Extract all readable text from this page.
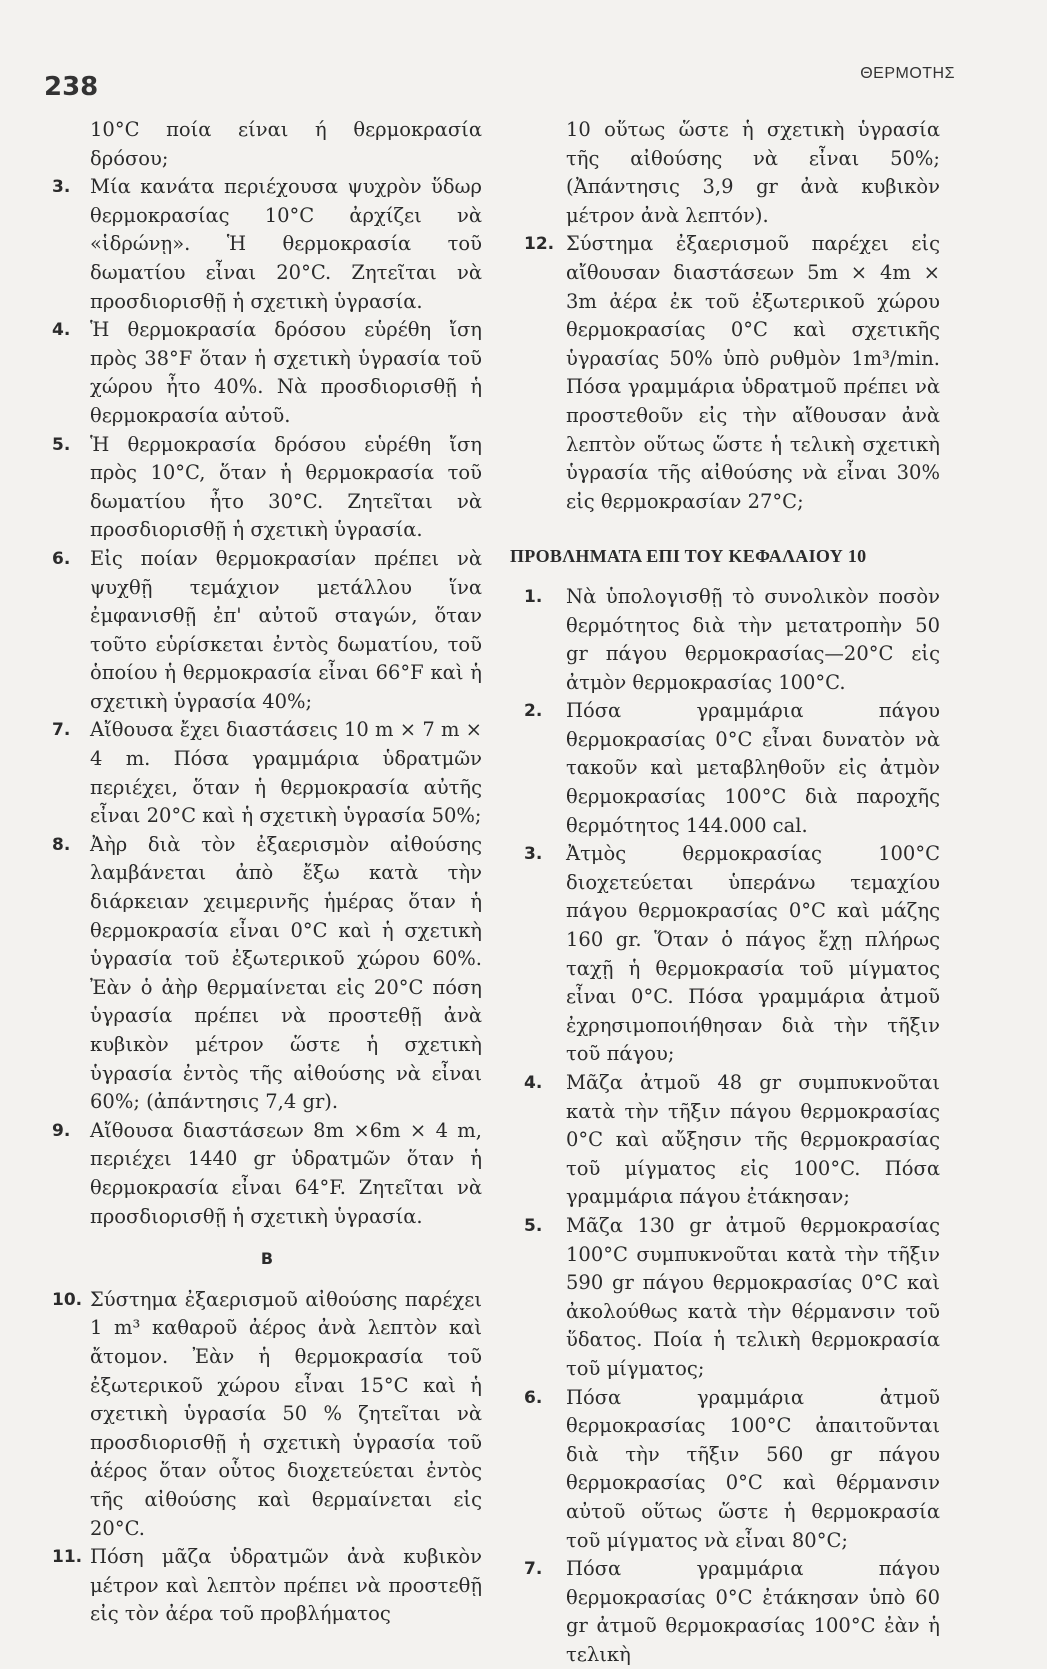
238	ΘΕΡΜΟΤΗΣ
10°C ποία είναι ή θερμοκρασία δρόσου;
3. Μία κανάτα περιέχουσα ψυχρὸν ὕδωρ θερμοκρασίας 10°C ἀρχίζει νὰ «ἱδρώνῃ». Ἡ θερμοκρασία τοῦ δωματίου εἶναι 20°C. Ζητεῖται νὰ προσδιορισθῇ ἡ σχετικὴ ὑγρασία.
4. Ἡ θερμοκρασία δρόσου εὑρέθη ἴση πρὸς 38°F ὅταν ἡ σχετικὴ ὑγρασία τοῦ χώρου ἦτο 40%. Νὰ προσδιορισθῇ ἡ θερμοκρασία αὐτοῦ.
5. Ἡ θερμοκρασία δρόσου εὑρέθη ἴση πρὸς 10°C, ὅταν ἡ θερμοκρασία τοῦ δωματίου ἦτο 30°C. Ζητεῖται νὰ προσδιορισθῇ ἡ σχετικὴ ὑγρασία.
6. Εἰς ποίαν θερμοκρασίαν πρέπει νὰ ψυχθῇ τεμάχιον μετάλλου ἵνα ἐμφανισθῇ ἐπ' αὐτοῦ σταγών, ὅταν τοῦτο εὑρίσκεται ἐντὸς δωματίου, τοῦ ὁποίου ἡ θερμοκρασία εἶναι 66°F καὶ ἡ σχετικὴ ὑγρασία 40%;
7. Αἴθουσα ἔχει διαστάσεις 10 m × 7 m × 4 m. Πόσα γραμμάρια ὑδρατμῶν περιέχει, ὅταν ἡ θερμοκρασία αὐτῆς εἶναι 20°C καὶ ἡ σχετικὴ ὑγρασία 50%;
8. Ἀὴρ διὰ τὸν ἐξαερισμὸν αἰθούσης λαμβάνεται ἀπὸ ἔξω κατὰ τὴν διάρκειαν χειμερινῆς ἡμέρας ὅταν ἡ θερμοκρασία εἶναι 0°C καὶ ἡ σχετικὴ ὑγρασία τοῦ ἐξωτερικοῦ χώρου 60%. Ἐὰν ὁ ἀὴρ θερμαίνεται εἰς 20°C πόση ὑγρασία πρέπει νὰ προστεθῇ ἀνὰ κυβικὸν μέτρον ὥστε ἡ σχετικὴ ὑγρασία ἐντὸς τῆς αἰθούσης νὰ εἶναι 60%; (ἀπάντησις 7,4 gr).
9. Αἴθουσα διαστάσεων 8m ×6m × 4 m, περιέχει 1440 gr ὑδρατμῶν ὅταν ἡ θερμοκρασία εἶναι 64°F. Ζητεῖται νὰ προσδιορισθῇ ἡ σχετικὴ ὑγρασία.
Β
10. Σύστημα ἐξαερισμοῦ αἰθούσης παρέχει 1 m³ καθαροῦ ἀέρος ἀνὰ λεπτὸν καὶ ἄτομον. Ἐὰν ἡ θερμοκρασία τοῦ ἐξωτερικοῦ χώρου εἶναι 15°C καὶ ἡ σχετικὴ ὑγρασία 50 % ζητεῖται νὰ προσδιορισθῇ ἡ σχετικὴ ὑγρασία τοῦ ἀέρος ὅταν οὗτος διοχετεύεται ἐντὸς τῆς αἰθούσης καὶ θερμαίνεται εἰς 20°C.
11. Πόση μᾶζα ὑδρατμῶν ἀνὰ κυβικὸν μέτρον καὶ λεπτὸν πρέπει νὰ προστεθῇ εἰς τὸν ἀέρα τοῦ προβλήματος
10 οὕτως ὥστε ἡ σχετικὴ ὑγρασία τῆς αἰθούσης νὰ εἶναι 50%; (Ἀπάντησις 3,9 gr ἀνὰ κυβικὸν μέτρον ἀνὰ λεπτόν).
12. Σύστημα ἐξαερισμοῦ παρέχει εἰς αἴθουσαν διαστάσεων 5m × 4m × 3m ἀέρα ἐκ τοῦ ἐξωτερικοῦ χώρου θερμοκρασίας 0°C καὶ σχετικῆς ὑγρασίας 50% ὑπὸ ρυθμὸν 1m³/min. Πόσα γραμμάρια ὑδρατμοῦ πρέπει νὰ προστεθοῦν εἰς τὴν αἴθουσαν ἀνὰ λεπτὸν οὕτως ὥστε ἡ τελικὴ σχετικὴ ὑγρασία τῆς αἰθούσης νὰ εἶναι 30% εἰς θερμοκρασίαν 27°C;
ΠΡΟΒΛΗΜΑΤΑ ΕΠΙ ΤΟΥ ΚΕΦΑΛΑΙΟΥ 10
1. Νὰ ὑπολογισθῇ τὸ συνολικὸν ποσὸν θερμότητος διὰ τὴν μετατροπὴν 50 gr πάγου θερμοκρασίας—20°C εἰς ἀτμὸν θερμοκρασίας 100°C.
2. Πόσα γραμμάρια πάγου θερμοκρασίας 0°C εἶναι δυνατὸν νὰ τακοῦν καὶ μεταβληθοῦν εἰς ἀτμὸν θερμοκρασίας 100°C διὰ παροχῆς θερμότητος 144.000 cal.
3. Ἀτμὸς θερμοκρασίας 100°C διοχετεύεται ὑπεράνω τεμαχίου πάγου θερμοκρασίας 0°C καὶ μάζης 160 gr. Ὅταν ὁ πάγος ἔχῃ πλήρως ταχῇ ἡ θερμοκρασία τοῦ μίγματος εἶναι 0°C. Πόσα γραμμάρια ἀτμοῦ ἐχρησιμοποιήθησαν διὰ τὴν τῆξιν τοῦ πάγου;
4. Μᾶζα ἀτμοῦ 48 gr συμπυκνοῦται κατὰ τὴν τῆξιν πάγου θερμοκρασίας 0°C καὶ αὔξησιν τῆς θερμοκρασίας τοῦ μίγματος εἰς 100°C. Πόσα γραμμάρια πάγου ἐτάκησαν;
5. Μᾶζα 130 gr ἀτμοῦ θερμοκρασίας 100°C συμπυκνοῦται κατὰ τὴν τῆξιν 590 gr πάγου θερμοκρασίας 0°C καὶ ἀκολούθως κατὰ τὴν θέρμανσιν τοῦ ὕδατος. Ποία ἡ τελικὴ θερμοκρασία τοῦ μίγματος;
6. Πόσα γραμμάρια ἀτμοῦ θερμοκρασίας 100°C ἀπαιτοῦνται διὰ τὴν τῆξιν 560 gr πάγου θερμοκρασίας 0°C καὶ θέρμανσιν αὐτοῦ οὕτως ὥστε ἡ θερμοκρασία τοῦ μίγματος νὰ εἶναι 80°C;
7. Πόσα γραμμάρια πάγου θερμοκρασίας 0°C ἐτάκησαν ὑπὸ 60 gr ἀτμοῦ θερμοκρασίας 100°C ἐὰν ἡ τελικὴ
